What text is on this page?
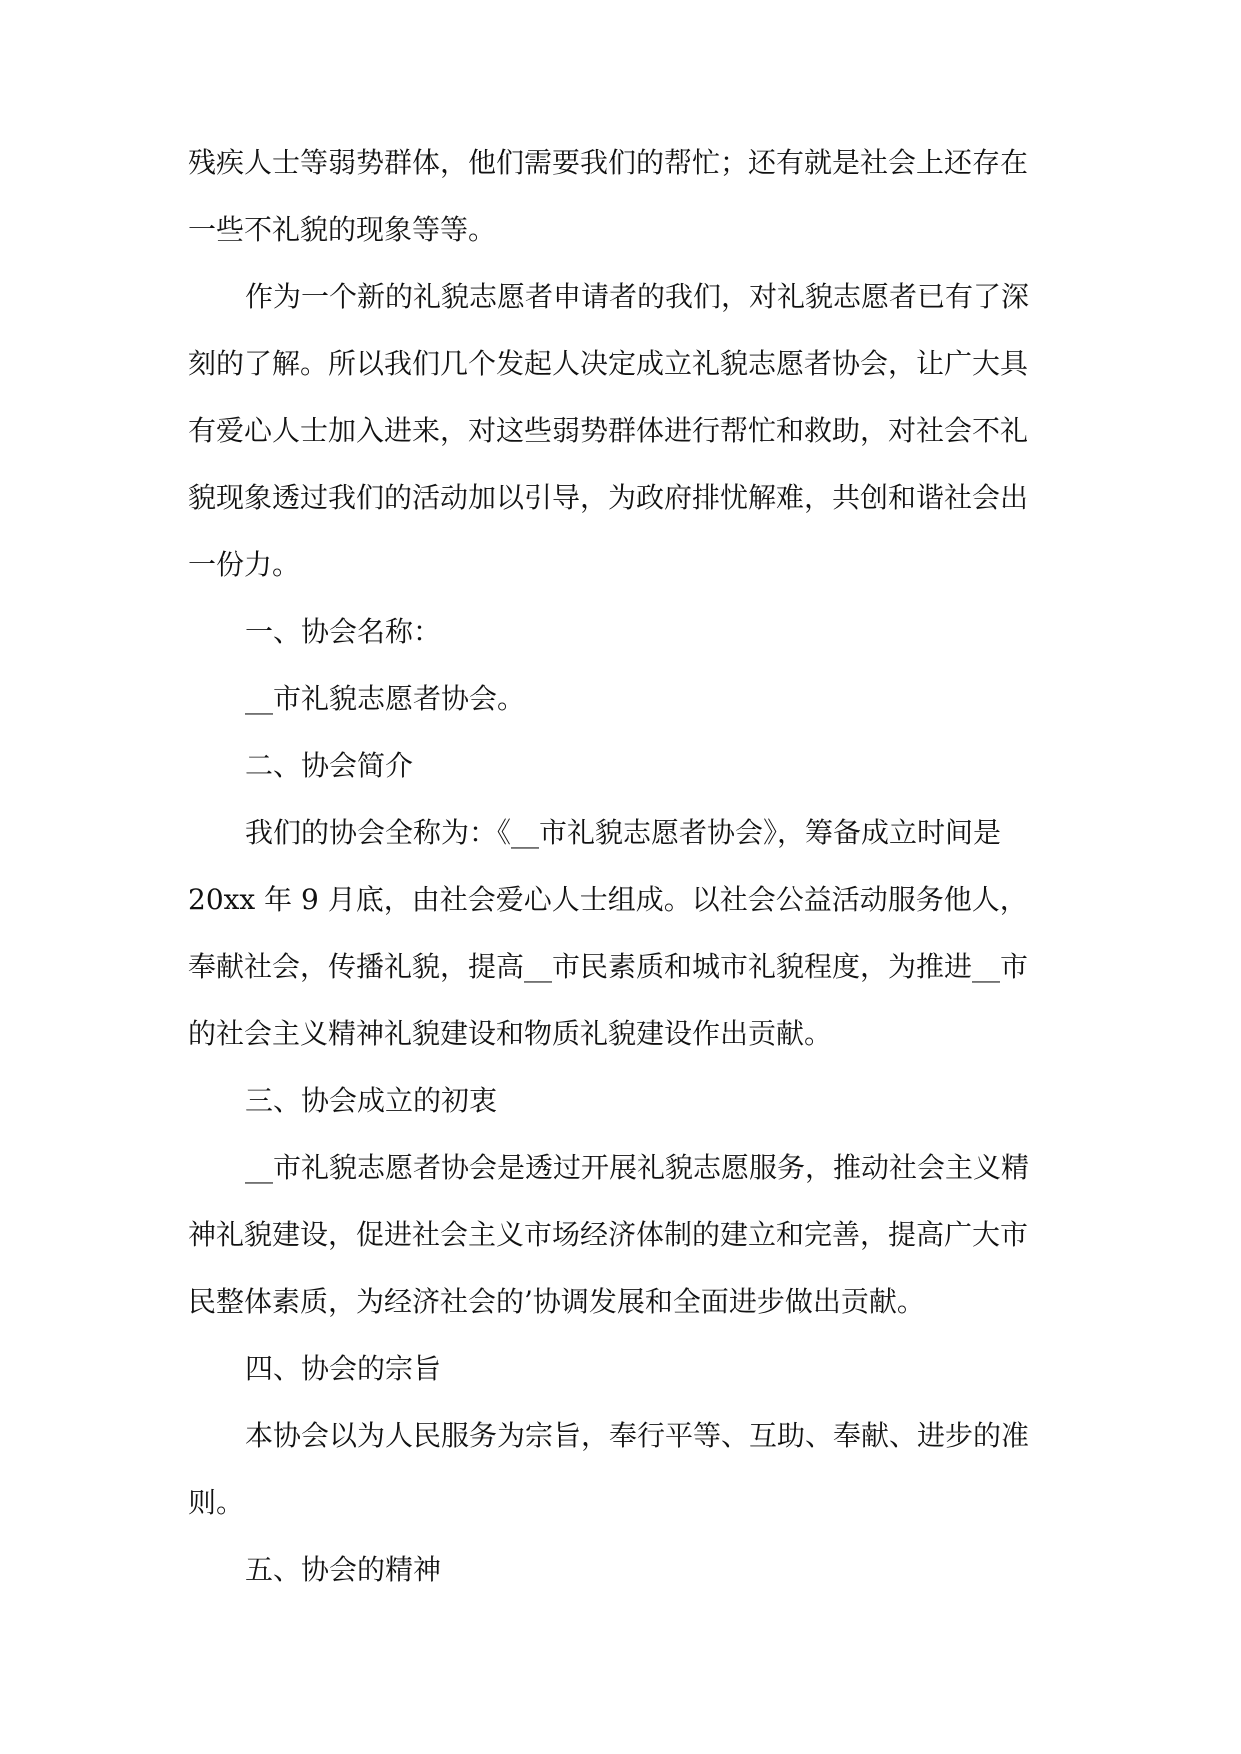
残疾人士等弱势群体，他们需要我们的帮忙；还有就是社会上还存在

一些不礼貌的现象等等。

作为一个新的礼貌志愿者申请者的我们，对礼貌志愿者已有了深

刻的了解。所以我们几个发起人决定成立礼貌志愿者协会，让广大具

有爱心人士加入进来，对这些弱势群体进行帮忙和救助，对社会不礼

貌现象透过我们的活动加以引导，为政府排忧解难，共创和谐社会出

一份力。

一、协会名称：

__市礼貌志愿者协会。

二、协会简介

我们的协会全称为：《__市礼貌志愿者协会》，筹备成立时间是

20xx 年 9 月底，由社会爱心人士组成。以社会公益活动服务他人，

奉献社会，传播礼貌，提高__市民素质和城市礼貌程度，为推进__市

的社会主义精神礼貌建设和物质礼貌建设作出贡献。

三、协会成立的初衷

__市礼貌志愿者协会是透过开展礼貌志愿服务，推动社会主义精

神礼貌建设，促进社会主义市场经济体制的建立和完善，提高广大市

民整体素质，为经济社会的’协调发展和全面进步做出贡献。

四、协会的宗旨

本协会以为人民服务为宗旨，奉行平等、互助、奉献、进步的准

则。

五、协会的精神
